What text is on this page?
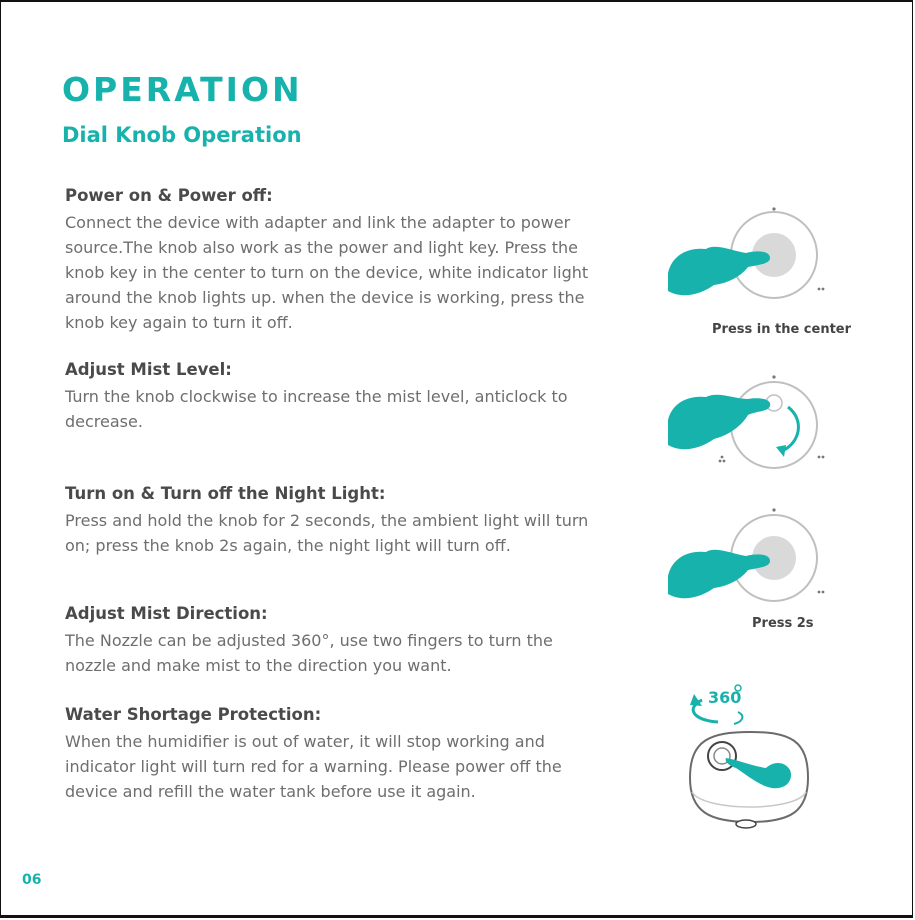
OPERATION
Dial Knob Operation
Power on & Power off:

Connect the device with adapter and link the adapter to power source.The knob also work as the power and light key. Press the knob key in the center to turn on the device, white indicator light around the knob lights up. when the device is working, press the knob key again to turn it off.

Adjust Mist Level:

Turn the knob clockwise to increase the mist level, anticlock to decrease.

Turn on & Turn off the Night Light:

Press and hold the knob for 2 seconds, the ambient light will turn on; press the knob 2s again, the night light will turn off.

Adjust Mist Direction:

The Nozzle can be adjusted 360°, use two fingers to turn the nozzle and make mist to the direction you want.

Water Shortage Protection:

When the humidifier is out of water, it will stop working and indicator light will turn red for a warning. Please power off the device and refill the water tank before use it again.

Press in the center
Press 2s
360
06
